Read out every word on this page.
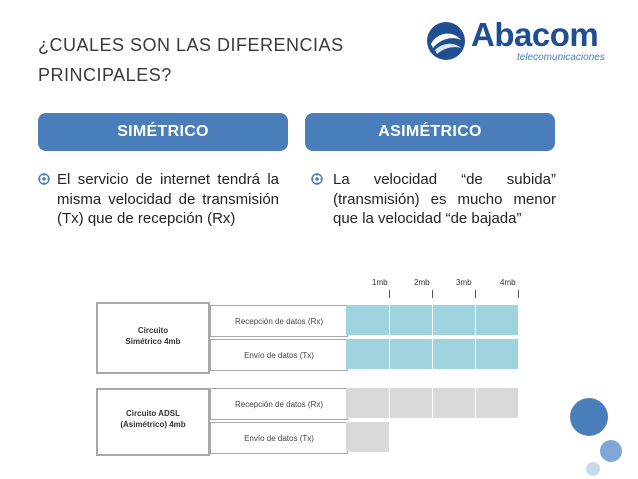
¿CUALES SON LAS DIFERENCIAS
PRINCIPALES?
Abacom
telecomunicaciones
SIMÉTRICO	ASIMÉTRICO
El servicio de internet tendrá la misma velocidad de transmisión (Tx) que de recepción (Rx)
La velocidad “de subida” (transmisión) es mucho menor que la velocidad “de bajada”
1mb	2mb	3mb	4mb
Circuito
Simétrico 4mb
Recepción de datos (Rx)
Envío de datos (Tx)
Circuito ADSL
(Asimétrico) 4mb
Recepción de datos (Rx)
Envío de datos (Tx)
